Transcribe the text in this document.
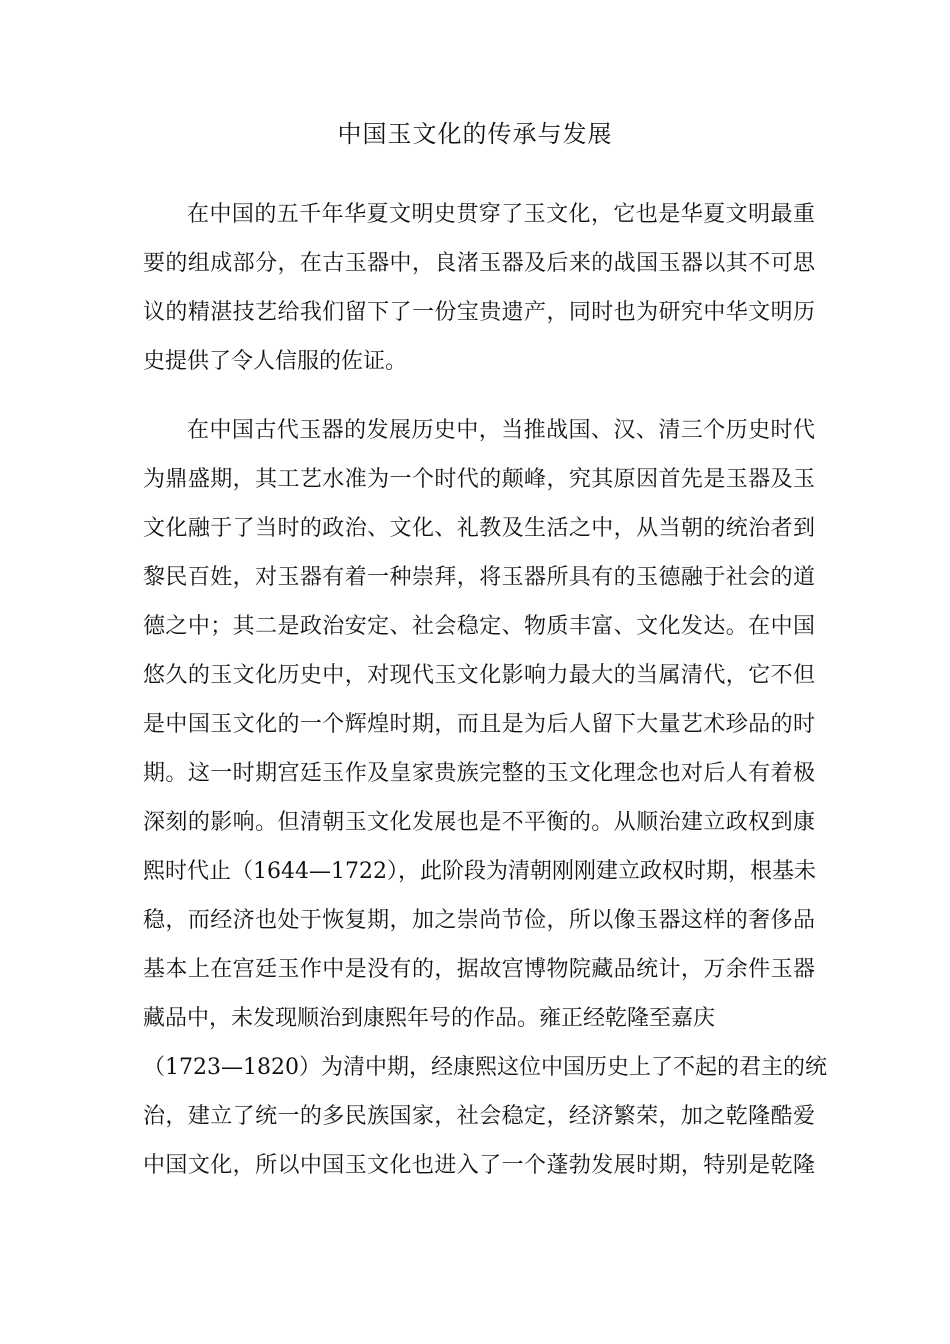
中国玉文化的传承与发展
在中国的五千年华夏文明史贯穿了玉文化，它也是华夏文明最重
要的组成部分，在古玉器中，良渚玉器及后来的战国玉器以其不可思
议的精湛技艺给我们留下了一份宝贵遗产，同时也为研究中华文明历
史提供了令人信服的佐证。
在中国古代玉器的发展历史中，当推战国、汉、清三个历史时代
为鼎盛期，其工艺水准为一个时代的颠峰，究其原因首先是玉器及玉
文化融于了当时的政治、文化、礼教及生活之中，从当朝的统治者到
黎民百姓，对玉器有着一种崇拜，将玉器所具有的玉德融于社会的道
德之中；其二是政治安定、社会稳定、物质丰富、文化发达。在中国
悠久的玉文化历史中，对现代玉文化影响力最大的当属清代，它不但
是中国玉文化的一个辉煌时期，而且是为后人留下大量艺术珍品的时
期。这一时期宫廷玉作及皇家贵族完整的玉文化理念也对后人有着极
深刻的影响。但清朝玉文化发展也是不平衡的。从顺治建立政权到康
熙时代止（1644—1722），此阶段为清朝刚刚建立政权时期，根基未
稳，而经济也处于恢复期，加之崇尚节俭，所以像玉器这样的奢侈品
基本上在宫廷玉作中是没有的，据故宫博物院藏品统计，万余件玉器
藏品中，未发现顺治到康熙年号的作品。雍正经乾隆至嘉庆
（1723—1820）为清中期，经康熙这位中国历史上了不起的君主的统
治，建立了统一的多民族国家，社会稳定，经济繁荣，加之乾隆酷爱
中国文化，所以中国玉文化也进入了一个蓬勃发展时期，特别是乾隆
